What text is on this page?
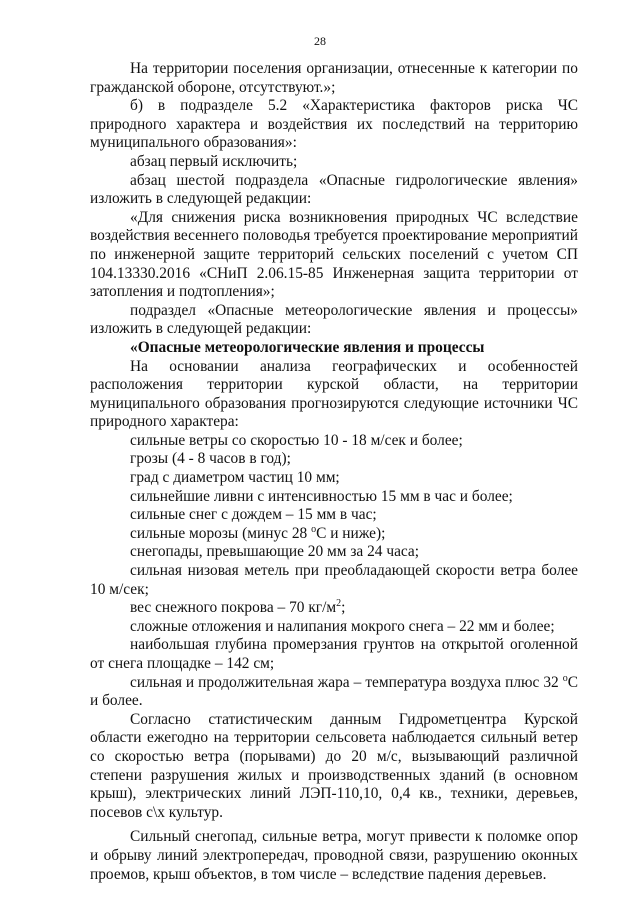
28

На территории поселения организации, отнесенные к категории по гражданской обороне, отсутствуют.»;

б) в подразделе 5.2 «Характеристика факторов риска ЧС природного характера и воздействия их последствий на территорию муниципального образования»:

абзац первый исключить;

абзац шестой подраздела «Опасные гидрологические явления» изложить в следующей редакции:

«Для снижения риска возникновения природных ЧС вследствие воздействия весеннего половодья требуется проектирование мероприятий по инженерной защите территорий сельских поселений с учетом СП 104.13330.2016 «СНиП 2.06.15-85 Инженерная защита территории от затопления и подтопления»;

подраздел «Опасные метеорологические явления и процессы» изложить в следующей редакции:

«Опасные метеорологические явления и процессы

На основании анализа географических и особенностей расположения территории курской области, на территории муниципального образования прогнозируются следующие источники ЧС природного характера:

сильные ветры со скоростью 10 - 18 м/сек и более;

грозы (4 - 8 часов в год);

град с диаметром частиц 10 мм;

сильнейшие ливни с интенсивностью 15 мм в час и более;

сильные снег с дождем – 15 мм в час;

сильные морозы (минус 28 $^о$С и ниже);

снегопады, превышающие 20 мм за 24 часа;

сильная низовая метель при преобладающей скорости ветра более 10 м/сек;

вес снежного покрова – 70 $кг/м^2$;

сложные отложения и налипания мокрого снега – 22 мм и более;

наибольшая глубина промерзания грунтов на открытой оголенной от снега площадке – 142 см;

сильная и продолжительная жара – температура воздуха плюс 32 $^о$С и более.

Согласно статистическим данным Гидрометцентра Курской области ежегодно на территории сельсовета наблюдается сильный ветер со скоростью ветра (порывами) до 20 м/с, вызывающий различной степени разрушения жилых и производственных зданий (в основном крыш), электрических линий ЛЭП-110,10, 0,4 кв., техники, деревьев, посевов с\х культур.

Сильный снегопад, сильные ветра, могут привести к поломке опор и обрыву линий электропередач, проводной связи, разрушению оконных проемов, крыш объектов, в том числе – вследствие падения деревьев.
